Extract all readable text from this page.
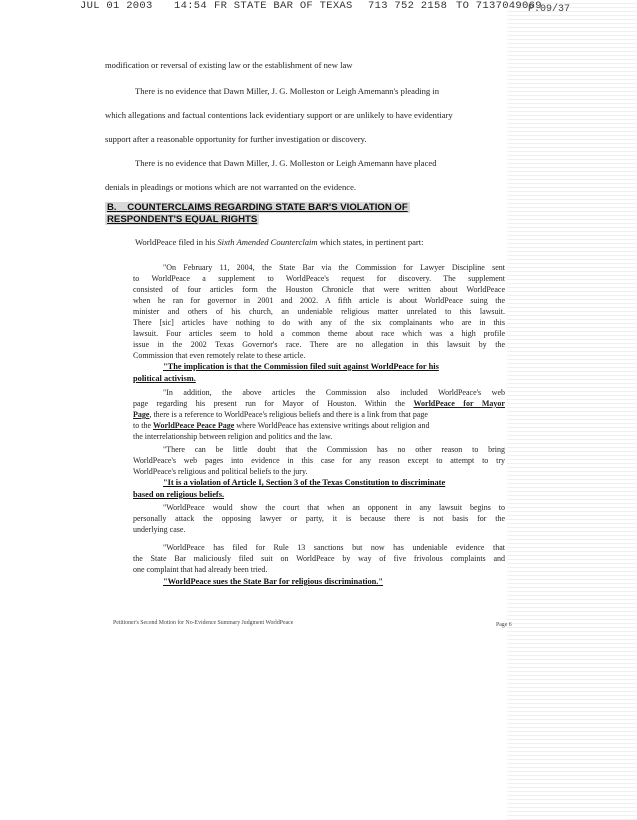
JUL 01 2003 14:54 FR STATE BAR OF TEXAS 713 752 2158 TO 7137049069
P.09/37
modification or reversal of existing law or the establishment of new law
There is no evidence that Dawn Miller, J. G. Molleston or Leigh Amemann's pleading in
which allegations and factual contentions lack evidentiary support or are unlikely to have evidentiary
support after a reasonable opportunity for further investigation or discovery.
There is no evidence that Dawn Miller, J. G. Molleston or Leigh Amemann have placed
denials in pleadings or motions which are not warranted on the evidence.
B. COUNTERCLAIMS REGARDING STATE BAR'S VIOLATION OF
RESPONDENT'S EQUAL RIGHTS
WorldPeace filed in his Sixth Amended Counterclaim which states, in pertinent part:
"On February 11, 2004, the State Bar via the Commission for Lawyer Discipline sent
to WorldPeace a supplement to WorldPeace's request for discovery. The supplement
consisted of four articles form the Houston Chronicle that were written about WorldPeace
when he ran for governor in 2001 and 2002. A fifth article is about WorldPeace suing the
minister and others of his church, an undeniable religious matter unrelated to this lawsuit.
There [sic] articles have nothing to do with any of the six complainants who are in this
lawsuit. Four articles seem to hold a common theme about race which was a high profile
issue in the 2002 Texas Governor's race. There are no allegation in this lawsuit by the
Commission that even remotely relate to these article.
"The implication is that the Commission filed suit against WorldPeace for his
political activism.
"In addition, the above articles the Commission also included WorldPeace's web
page regarding his present run for Mayor of Houston. Within the WorldPeace for Mayor
Page, there is a reference to WorldPeace's religious beliefs and there is a link from that page
to the WorldPeace Peace Page where WorldPeace has extensive writings about religion and
the interrelationship between religion and politics and the law.
"There can be little doubt that the Commission has no other reason to bring
WorldPeace's web pages into evidence in this case for any reason except to attempt to try
WorldPeace's religious and political beliefs to the jury.
"It is a violation of Article I, Section 3 of the Texas Constitution to discriminate
based on religious beliefs.
"WorldPeace would show the court that when an opponent in any lawsuit begins to
personally attack the opposing lawyer or party, it is because there is not basis for the
underlying case.
"WorldPeace has filed for Rule 13 sanctions but now has undeniable evidence that
the State Bar maliciously filed suit on WorldPeace by way of five frivolous complaints and
one complaint that had already been tried.
"WorldPeace sues the State Bar for religious discrimination."
Petitioner's Second Motion for No-Evidence Summary Judgment WorldPeace	Page 6
